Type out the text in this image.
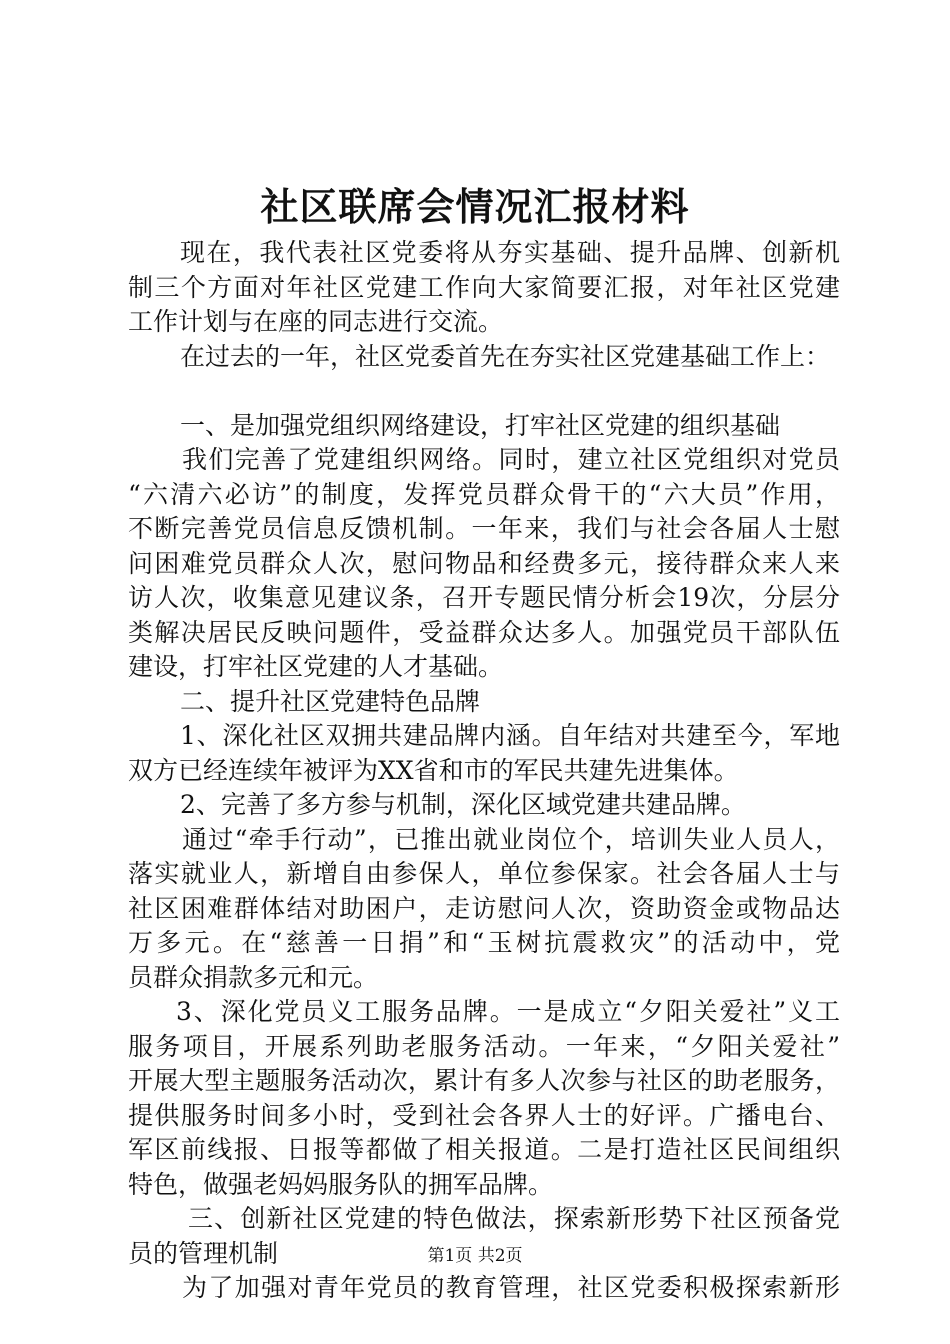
社区联席会情况汇报材料
现在，我代表社区党委将从夯实基础、提升品牌、创新机
制三个方面对年社区党建工作向大家简要汇报，对年社区党建
工作计划与在座的同志进行交流。
在过去的一年，社区党委首先在夯实社区党建基础工作上：
一、是加强党组织网络建设，打牢社区党建的组织基础
我们完善了党建组织网络。同时，建立社区党组织对党员
“六清六必访”的制度，发挥党员群众骨干的“六大员”作用，
不断完善党员信息反馈机制。一年来，我们与社会各届人士慰
问困难党员群众人次，慰问物品和经费多元，接待群众来人来
访人次，收集意见建议条，召开专题民情分析会19次，分层分
类解决居民反映问题件，受益群众达多人。加强党员干部队伍
建设，打牢社区党建的人才基础。
二、提升社区党建特色品牌
1、深化社区双拥共建品牌内涵。自年结对共建至今，军地
双方已经连续年被评为XX省和市的军民共建先进集体。
2、完善了多方参与机制，深化区域党建共建品牌。
通过“牵手行动”，已推出就业岗位个，培训失业人员人，
落实就业人，新增自由参保人，单位参保家。社会各届人士与
社区困难群体结对助困户，走访慰问人次，资助资金或物品达
万多元。在“慈善一日捐”和“玉树抗震救灾”的活动中，党
员群众捐款多元和元。
3、深化党员义工服务品牌。一是成立“夕阳关爱社”义工
服务项目，开展系列助老服务活动。一年来，“夕阳关爱社”
开展大型主题服务活动次，累计有多人次参与社区的助老服务，
提供服务时间多小时，受到社会各界人士的好评。广播电台、
军区前线报、日报等都做了相关报道。二是打造社区民间组织
特色，做强老妈妈服务队的拥军品牌。
三、创新社区党建的特色做法，探索新形势下社区预备党
员的管理机制
为了加强对青年党员的教育管理，社区党委积极探索新形
第1页 共2页
